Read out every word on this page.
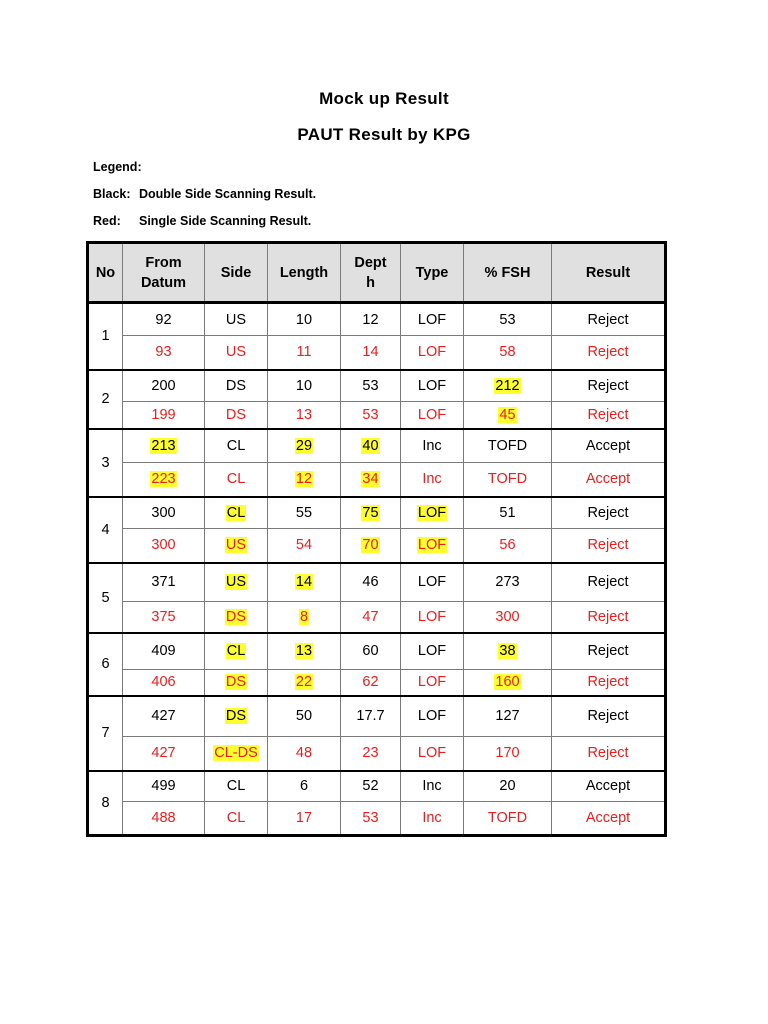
Mock up Result
PAUT Result by KPG
Legend:
Black: Double Side Scanning Result.
Red: Single Side Scanning Result.
No	From Datum	Side	Length	Depth	Type	% FSH	Result
1	92	US	10	12	LOF	53	Reject
	93	US	11	14	LOF	58	Reject
2	200	DS	10	53	LOF	212	Reject
	199	DS	13	53	LOF	45	Reject
3	213	CL	29	40	Inc	TOFD	Accept
	223	CL	12	34	Inc	TOFD	Accept
4	300	CL	55	75	LOF	51	Reject
	300	US	54	70	LOF	56	Reject
5	371	US	14	46	LOF	273	Reject
	375	DS	8	47	LOF	300	Reject
6	409	CL	13	60	LOF	38	Reject
	406	DS	22	62	LOF	160	Reject
7	427	DS	50	17.7	LOF	127	Reject
	427	CL-DS	48	23	LOF	170	Reject
8	499	CL	6	52	Inc	20	Accept
	488	CL	17	53	Inc	TOFD	Accept
